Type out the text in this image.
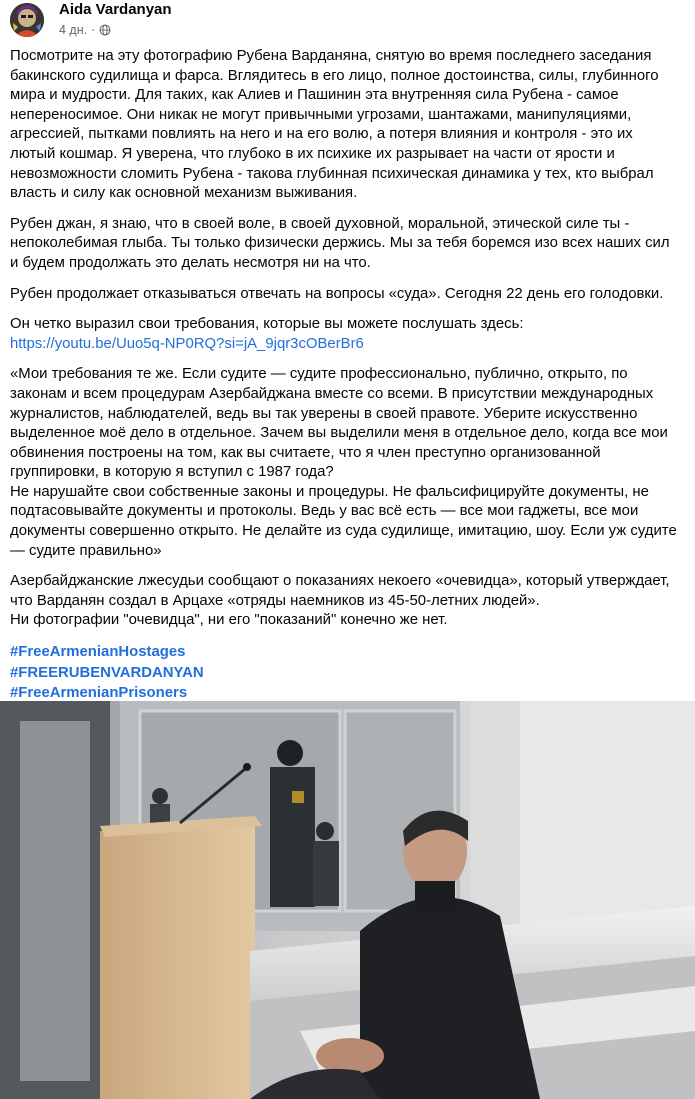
Aida Vardanyan
4 дн. ·

Посмотрите на эту фотографию Рубена Варданяна, снятую во время последнего заседания бакинского судилища и фарса. Вглядитесь в его лицо, полное достоинства, силы, глубинного мира и мудрости. Для таких, как Алиев и Пашинин эта внутренняя сила Рубена - самое непереносимое. Они никак не могут привычными угрозами, шантажами, манипуляциями, агрессией, пытками повлиять на него и на его волю, а потеря влияния и контроля - это их лютый кошмар. Я уверена, что глубоко в их психике их разрывает на части от ярости и невозможности сломить Рубена - такова глубинная психическая динамика у тех, кто выбрал власть и силу как основной механизм выживания.

Рубен джан, я знаю, что в своей воле, в своей духовной, моральной, этической силе ты - непоколебимая глыба. Ты только физически держись. Мы за тебя боремся изо всех наших сил и будем продолжать это делать несмотря ни на что.

Рубен продолжает отказываться отвечать на вопросы «суда». Сегодня 22 день его голодовки.

Он четко выразил свои требования, которые вы можете послушать здесь:
https://youtu.be/Uuo5q-NP0RQ?si=jA_9jqr3cOBerBr6

«Мои требования те же. Если судите — судите профессионально, публично, открыто, по законам и всем процедурам Азербайджана вместе со всеми. В присутствии международных журналистов, наблюдателей, ведь вы так уверены в своей правоте. Уберите искусственно выделенное моё дело в отдельное. Зачем вы выделили меня в отдельное дело, когда все мои обвинения построены на том, как вы считаете, что я член преступно организованной группировки, в которую я вступил с 1987 года?
Не нарушайте свои собственные законы и процедуры. Не фальсифицируйте документы, не подтасовывайте документы и протоколы. Ведь у вас всё есть — все мои гаджеты, все мои документы совершенно открыто. Не делайте из суда судилище, имитацию, шоу. Если уж судите — судите правильно»

Азербайджанские лжесудьи сообщают о показаниях некоего «очевидца», который утверждает, что Варданян создал в Арцахе «отряды наемников из 45-50-летних людей».
Ни фотографии "очевидца", ни его "показаний" конечно же нет.

#FreeArmenianHostages
#FREERUBENVARDANYAN
#FreeArmenianPrisoners
